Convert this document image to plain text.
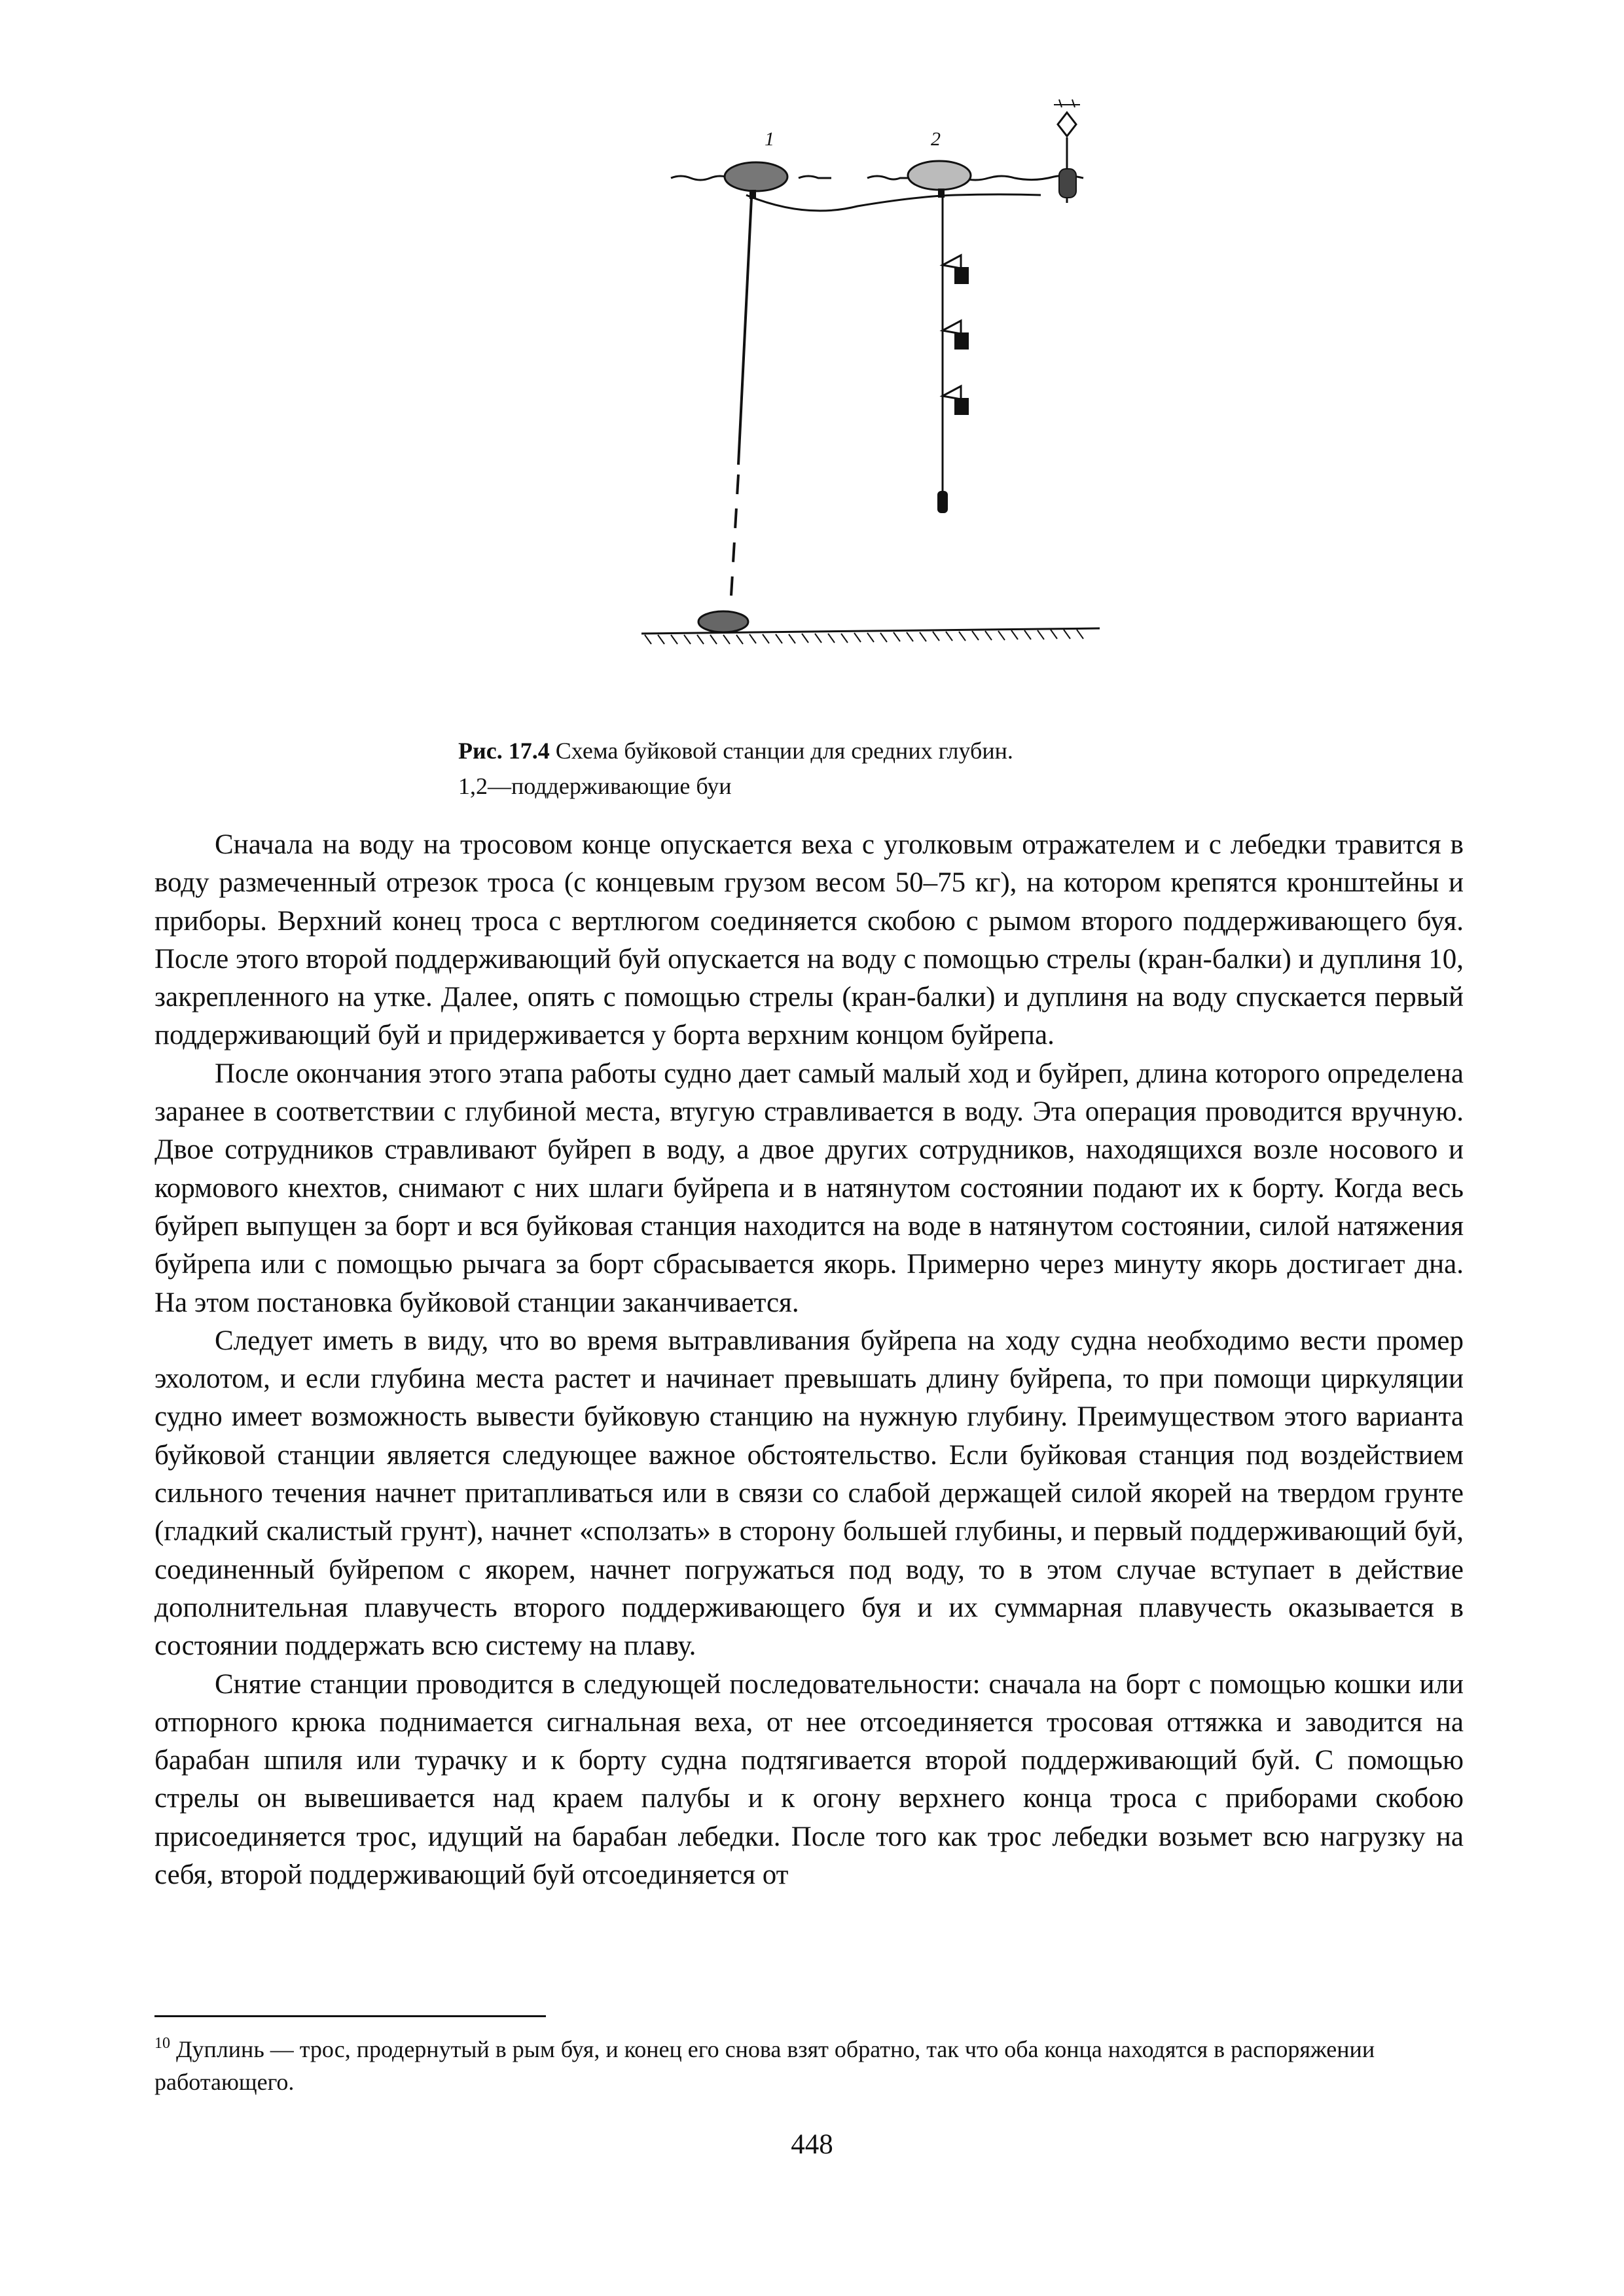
1	2
Рис. 17.4 Схема буйковой станции для средних глубин.
1,2—поддерживающие буи

Сначала на воду на тросовом конце опускается веха с уголковым отражателем и с лебедки травится в воду размеченный отрезок троса (с концевым грузом весом 50–75 кг), на котором крепятся кронштейны и приборы. Верхний конец троса с вертлюгом соединяется скобою с рымом второго поддерживающего буя. После этого второй поддерживающий буй опускается на воду с помощью стрелы (кран-балки) и дуплиня 10, закрепленного на утке. Далее, опять с помощью стрелы (кран-балки) и дуплиня на воду спускается первый поддерживающий буй и придерживается у борта верхним концом буйрепа.

После окончания этого этапа работы судно дает самый малый ход и буйреп, длина которого определена заранее в соответствии с глубиной места, втугую стравливается в воду. Эта операция проводится вручную. Двое сотрудников стравливают буйреп в воду, а двое других сотрудников, находящихся возле носового и кормового кнехтов, снимают с них шлаги буйрепа и в натянутом состоянии подают их к борту. Когда весь буйреп выпущен за борт и вся буйковая станция находится на воде в натянутом состоянии, силой натяжения буйрепа или с помощью рычага за борт сбрасывается якорь. Примерно через минуту якорь достигает дна. На этом постановка буйковой станции заканчивается.

Следует иметь в виду, что во время вытравливания буйрепа на ходу судна необходимо вести промер эхолотом, и если глубина места растет и начинает превышать длину буйрепа, то при помощи циркуляции судно имеет возможность вывести буйковую станцию на нужную глубину. Преимуществом этого варианта буйковой станции является следующее важное обстоятельство. Если буйковая станция под воздействием сильного течения начнет притапливаться или в связи со слабой держащей силой якорей на твердом грунте (гладкий скалистый грунт), начнет «сползать» в сторону большей глубины, и первый поддерживающий буй, соединенный буйрепом с якорем, начнет погружаться под воду, то в этом случае вступает в действие дополнительная плавучесть второго поддерживающего буя и их суммарная плавучесть оказывается в состоянии поддержать всю систему на плаву.

Снятие станции проводится в следующей последовательности: сначала на борт с помощью кошки или отпорного крюка поднимается сигнальная веха, от нее отсоединяется тросовая оттяжка и заводится на барабан шпиля или турачку и к борту судна подтягивается второй поддерживающий буй. С помощью стрелы он вывешивается над краем палубы и к огону верхнего конца троса с приборами скобою присоединяется трос, идущий на барабан лебедки. После того как трос лебедки возьмет всю нагрузку на себя, второй поддерживающий буй отсоединяется от

$^{10}$ Дуплинь — трос, продернутый в рым буя, и конец его снова взят обратно, так что оба конца находятся в распоряжении работающего.
448
